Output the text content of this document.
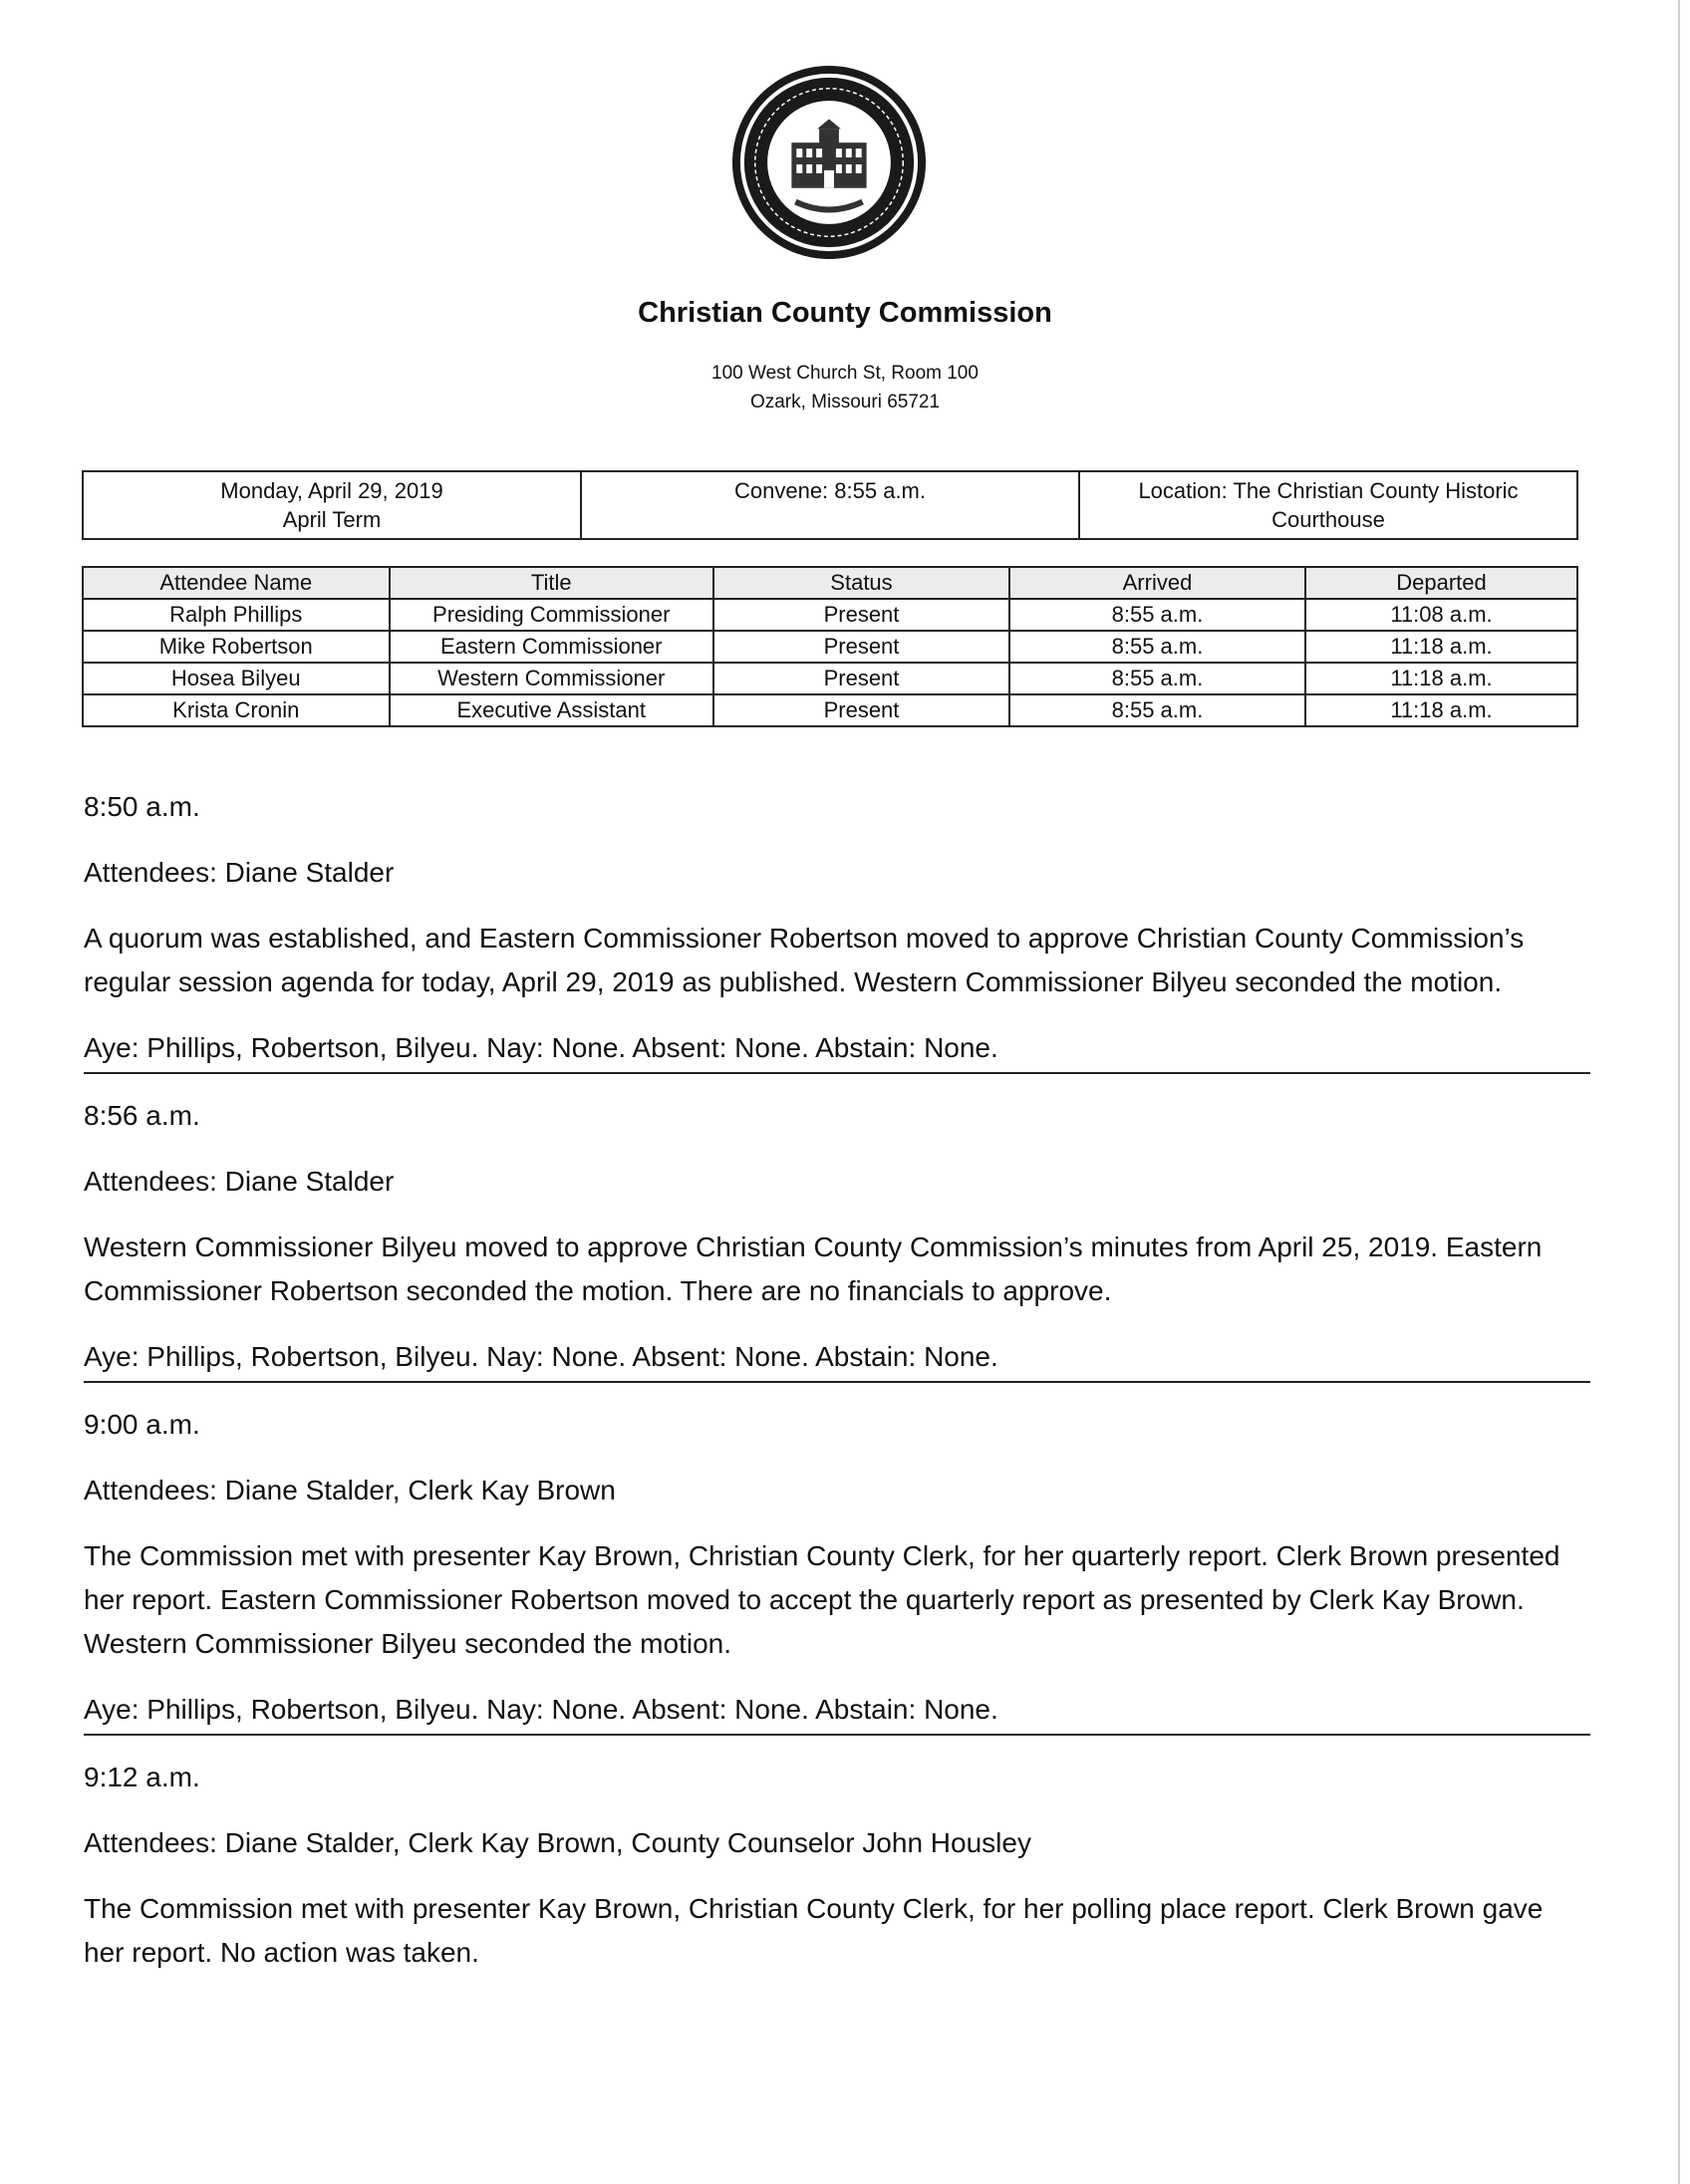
Christian County Commission
100 West Church St, Room 100
Ozark, Missouri 65721
Monday, April 29, 2019
April Term

Convene: 8:55 a.m.	Location: The Christian County Historic
Courthouse
Attendee Name	Title	Status	Arrived	Departed
Ralph Phillips	Presiding Commissioner	Present	8:55 a.m.	11:08 a.m.
Mike Robertson	Eastern Commissioner	Present	8:55 a.m.	11:18 a.m.
Hosea Bilyeu	Western Commissioner	Present	8:55 a.m.	11:18 a.m.
Krista Cronin	Executive Assistant	Present	8:55 a.m.	11:18 a.m.

8:50 a.m.

Attendees: Diane Stalder

A quorum was established, and Eastern Commissioner Robertson moved to approve Christian County Commission’s regular session agenda for today, April 29, 2019 as published. Western Commissioner Bilyeu seconded the motion.

Aye: Phillips, Robertson, Bilyeu. Nay: None. Absent: None. Abstain: None.

8:56 a.m.

Attendees: Diane Stalder

Western Commissioner Bilyeu moved to approve Christian County Commission’s minutes from April 25, 2019. Eastern Commissioner Robertson seconded the motion. There are no financials to approve.

Aye: Phillips, Robertson, Bilyeu. Nay: None. Absent: None. Abstain: None.

9:00 a.m.

Attendees: Diane Stalder, Clerk Kay Brown

The Commission met with presenter Kay Brown, Christian County Clerk, for her quarterly report. Clerk Brown presented her report. Eastern Commissioner Robertson moved to accept the quarterly report as presented by Clerk Kay Brown. Western Commissioner Bilyeu seconded the motion.

Aye: Phillips, Robertson, Bilyeu. Nay: None. Absent: None. Abstain: None.

9:12 a.m.

Attendees: Diane Stalder, Clerk Kay Brown, County Counselor John Housley

The Commission met with presenter Kay Brown, Christian County Clerk, for her polling place report. Clerk Brown gave her report. No action was taken.
